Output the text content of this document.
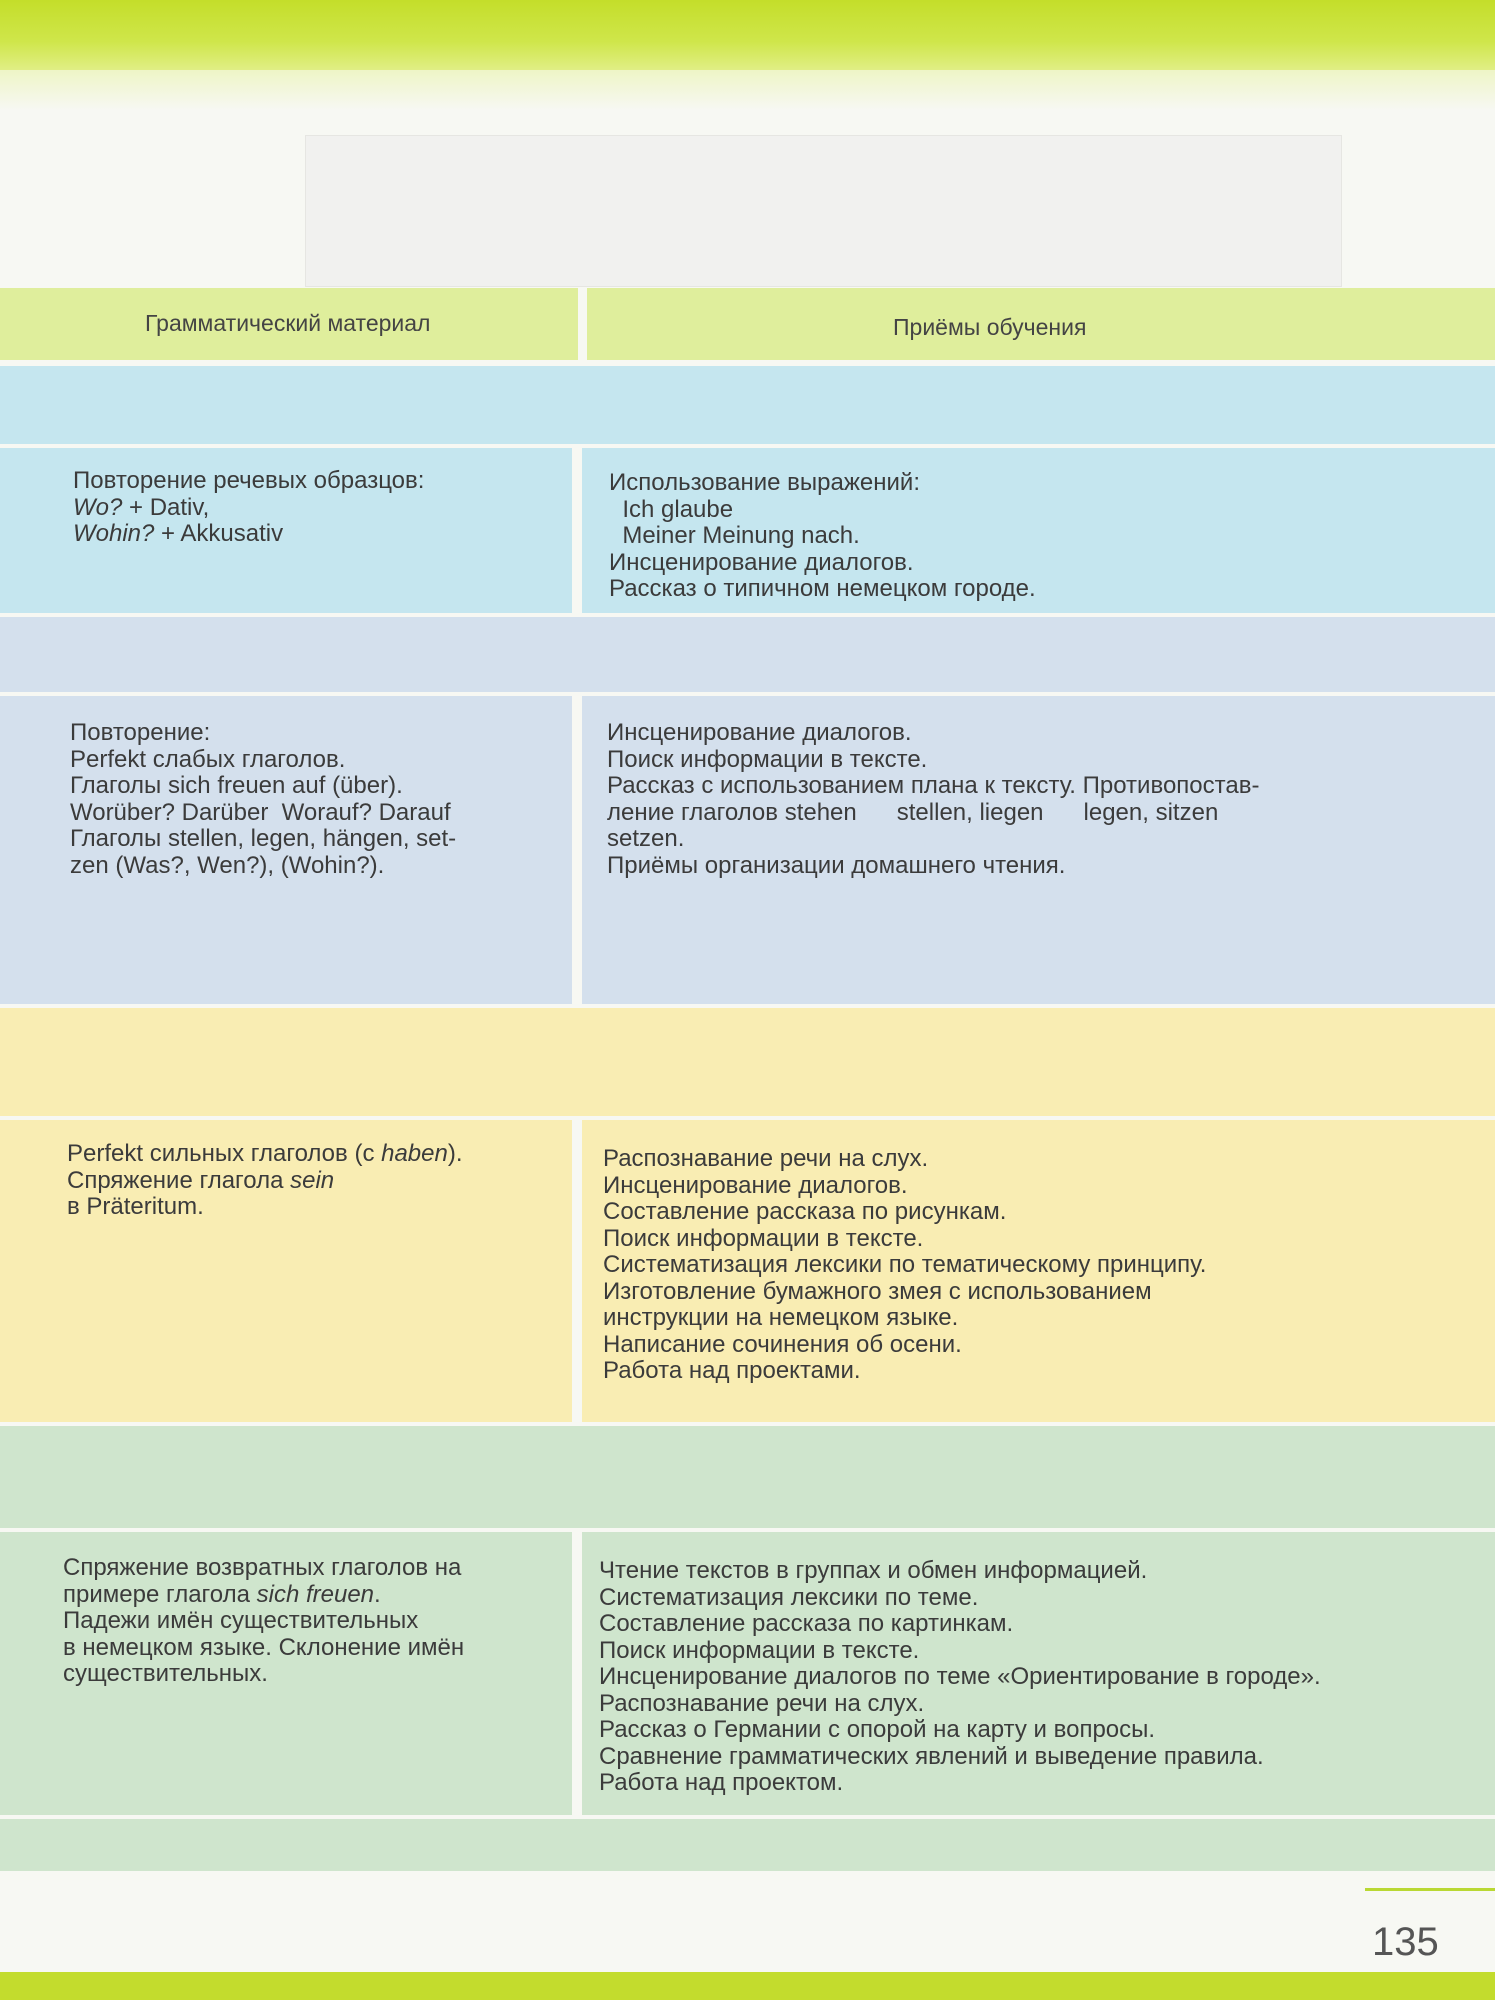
Грамматический материал	Приёмы обучения
Повторение речевых образцов:
Wo? + Dativ,
Wohin? + Akkusativ
Использование выражений:
Ich glaube
Meiner Meinung nach.
Инсценирование диалогов.
Рассказ о типичном немецком городе.
Повторение:
Perfekt слабых глаголов.
Глаголы sich freuen auf (über).
Worüber? Darüber  Worauf? Darauf
Глаголы stellen, legen, hängen, set-
zen (Was?, Wen?), (Wohin?).
Инсценирование диалогов.
Поиск информации в тексте.
Рассказ с использованием плана к тексту. Противопостав-
ление глаголов stehen      stellen, liegen      legen, sitzen
setzen.
Приёмы организации домашнего чтения.
Perfekt сильных глаголов (с haben).
Спряжение глагола sein
в Präteritum.
Распознавание речи на слух.
Инсценирование диалогов.
Составление рассказа по рисункам.
Поиск информации в тексте.
Систематизация лексики по тематическому принципу.
Изготовление бумажного змея с использованием
инструкции на немецком языке.
Написание сочинения об осени.
Работа над проектами.
Спряжение возвратных глаголов на
примере глагола sich freuen.
Падежи имён существительных
в немецком языке. Склонение имён
существительных.
Чтение текстов в группах и обмен информацией.
Систематизация лексики по теме.
Составление рассказа по картинкам.
Поиск информации в тексте.
Инсценирование диалогов по теме «Ориентирование в городе».
Распознавание речи на слух.
Рассказ о Германии с опорой на карту и вопросы.
Сравнение грамматических явлений и выведение правила.
Работа над проектом.
135
